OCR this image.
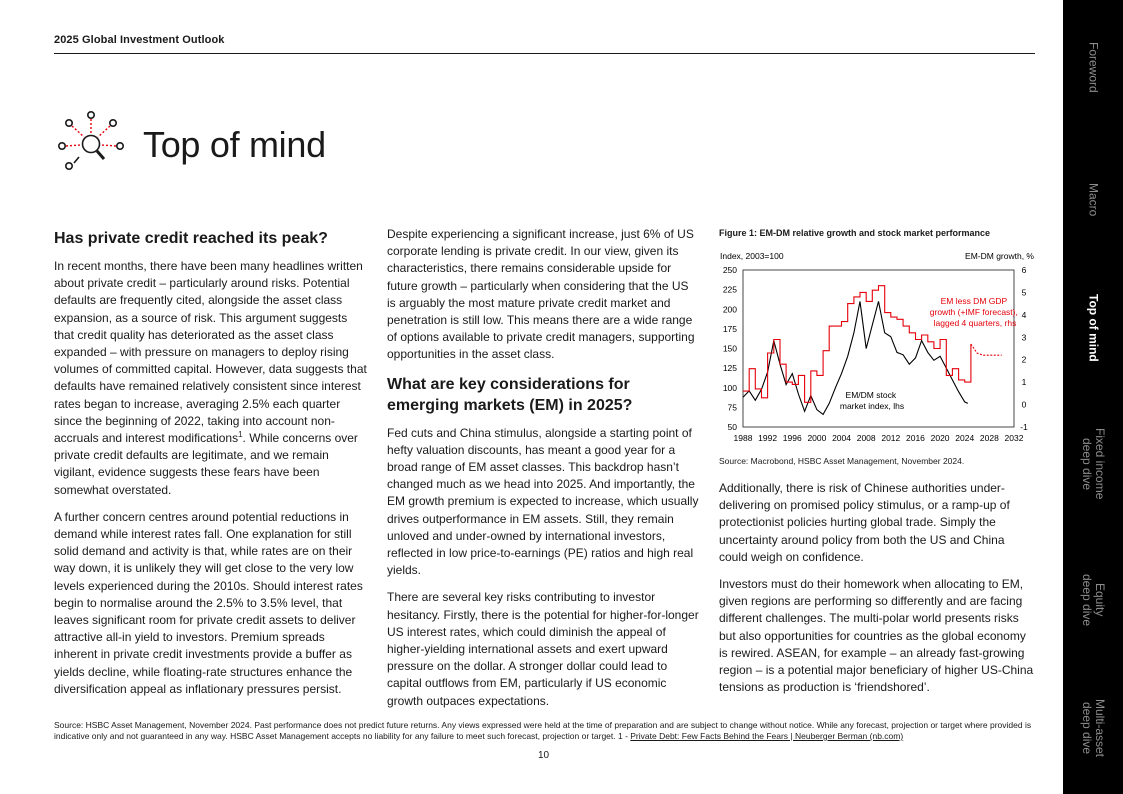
2025 Global Investment Outlook
Foreword
Macro
Top of mind
Fixed income
deep dive
Equity
deep dive
Multi-asset
deep dive
Top of mind
Has private credit reached its peak?

In recent months, there have been many headlines written about private credit – particularly around risks. Potential defaults are frequently cited, alongside the asset class expansion, as a source of risk. This argument suggests that credit quality has deteriorated as the asset class expanded – with pressure on managers to deploy rising volumes of committed capital. However, data suggests that defaults have remained relatively consistent since interest rates began to increase, averaging 2.5% each quarter since the beginning of 2022, taking into account non-accruals and interest modifications$^1$. While concerns over private credit defaults are legitimate, and we remain vigilant, evidence suggests these fears have been somewhat overstated.

A further concern centres around potential reductions in demand while interest rates fall. One explanation for still solid demand and activity is that, while rates are on their way down, it is unlikely they will get close to the very low levels experienced during the 2010s. Should interest rates begin to normalise around the 2.5% to 3.5% level, that leaves significant room for private credit assets to deliver attractive all-in yield to investors. Premium spreads inherent in private credit investments provide a buffer as yields decline, while floating-rate structures enhance the diversification appeal as inflationary pressures persist.

Despite experiencing a significant increase, just 6% of US corporate lending is private credit. In our view, given its characteristics, there remains considerable upside for future growth – particularly when considering that the US is arguably the most mature private credit market and penetration is still low. This means there are a wide range of options available to private credit managers, supporting opportunities in the asset class.

What are key considerations for emerging markets (EM) in 2025?

Fed cuts and China stimulus, alongside a starting point of hefty valuation discounts, has meant a good year for a broad range of EM asset classes. This backdrop hasn’t changed much as we head into 2025. And importantly, the EM growth premium is expected to increase, which usually drives outperformance in EM assets. Still, they remain unloved and under-owned by international investors, reflected in low price-to-earnings (PE) ratios and high real yields.

There are several key risks contributing to investor hesitancy. Firstly, there is the potential for higher-for-longer US interest rates, which could diminish the appeal of higher-yielding international assets and exert upward pressure on the dollar. A stronger dollar could lead to capital outflows from EM, particularly if US economic growth outpaces expectations.

Figure 1: EM-DM relative growth and stock market performance
Index, 2003=100	EM-DM growth, %
250
225
200
175
150
125
100
75
50
6
5
4
3
2
1
0
-1
1988 1992 1996 2000 2004 2008 2012 2016 2020 2024 2028 2032
EM less DM GDP growth (+IMF forecast), lagged 4 quarters, rhs
EM/DM stock market index, lhs
Source: Macrobond, HSBC Asset Management, November 2024.

Additionally, there is risk of Chinese authorities under-delivering on promised policy stimulus, or a ramp-up of protectionist policies hurting global trade. Simply the uncertainty around policy from both the US and China could weigh on confidence.

Investors must do their homework when allocating to EM, given regions are performing so differently and are facing different challenges. The multi-polar world presents risks but also opportunities for countries as the global economy is rewired. ASEAN, for example – an already fast-growing region – is a potential major beneficiary of higher US-China tensions as production is ‘friendshored’.

Source: HSBC Asset Management, November 2024. Past performance does not predict future returns. Any views expressed were held at the time of preparation and are subject to change without notice. While any forecast, projection or target where provided is indicative only and not guaranteed in any way. HSBC Asset Management accepts no liability for any failure to meet such forecast, projection or target. 1 - Private Debt: Few Facts Behind the Fears | Neuberger Berman (nb.com)
10
